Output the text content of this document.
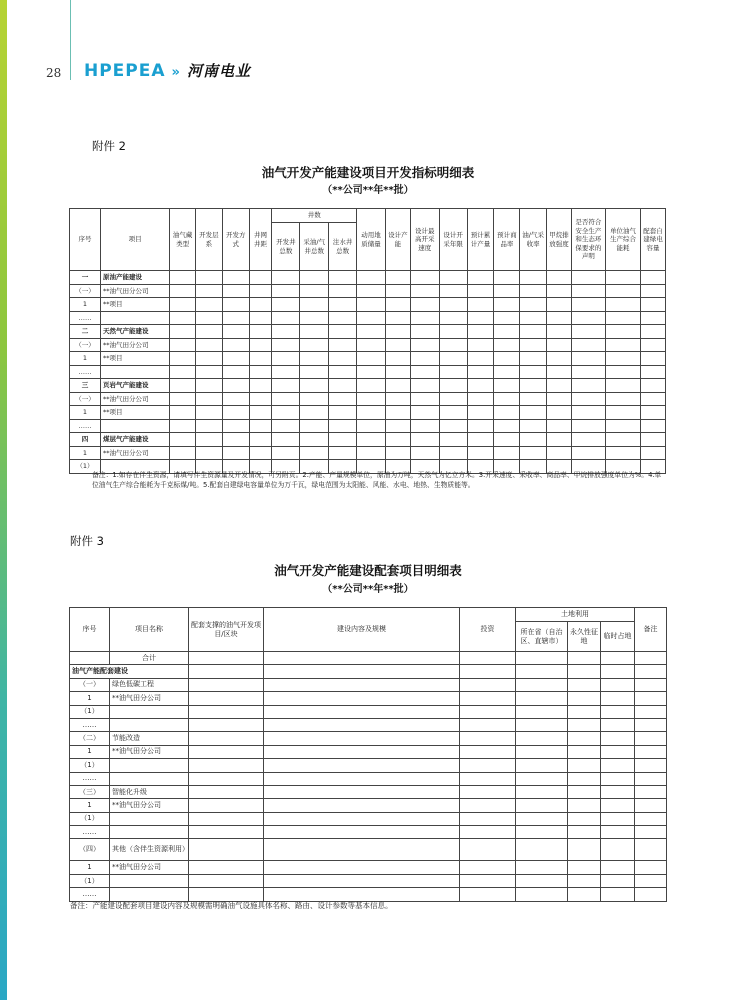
28 HPEPEA » 河南电业
附件 2
油气开发产能建设项目开发指标明细表
（**公司**年**批）
序号	项目	油气藏类型	开发层系	开发方式	井网井距	井数			动用地质储量	设计产能	设计最高开采速度	设计开采年限	预计累计产量	预计商品率	油/气采收率	甲烷排放强度	是否符合安全生产和生态环保要求的声明	单位油气生产综合能耗	配套自建绿电容量
						开发井总数	采油/气井总数	注水井总数											
一	原油产能建设																		
（一）	**油气田分公司																		
1	**项目																		
……																			
二	天然气产能建设																		
（一）	**油气田分公司																		
1	**项目																		
……																			
三	页岩气产能建设																		
（一）	**油气田分公司																		
1	**项目																		
……																			
四	煤层气产能建设																		
1	**油气田分公司																		
（1）																			
备注：1.如存在伴生资源，请填写伴生资源量及开发情况，可另附页。2.产能、产量规模单位，原油为万吨，天然气为亿立方米。3.开采速度、采收率、商品率、甲烷排放强度单位为%。4.单位油气生产综合能耗为千克标煤/吨。5.配套自建绿电容量单位为万千瓦，绿电范围为太阳能、风能、水电、地热、生物质能等。
附件 3
油气开发产能建设配套项目明细表
（**公司**年**批）
序号	项目名称	配套支撑的油气开发项目/区块	建设内容及规模	投资	土地利用			备注
					所在省（自治区、直辖市）	永久性征地	临时占地	
	合计							
油气产能配套建设								
（一）	绿色低碳工程							
1	**油气田分公司							
（1）								
……								
（二）	节能改造							
1	**油气田分公司							
（1）								
……								
（三）	智能化升级							
1	**油气田分公司							
（1）								
……								
（四）	其他（含伴生资源利用）							
1	**油气田分公司							
（1）								
……								
备注：产能建设配套项目建设内容及规模需明确油气设施具体名称、路由、设计参数等基本信息。
